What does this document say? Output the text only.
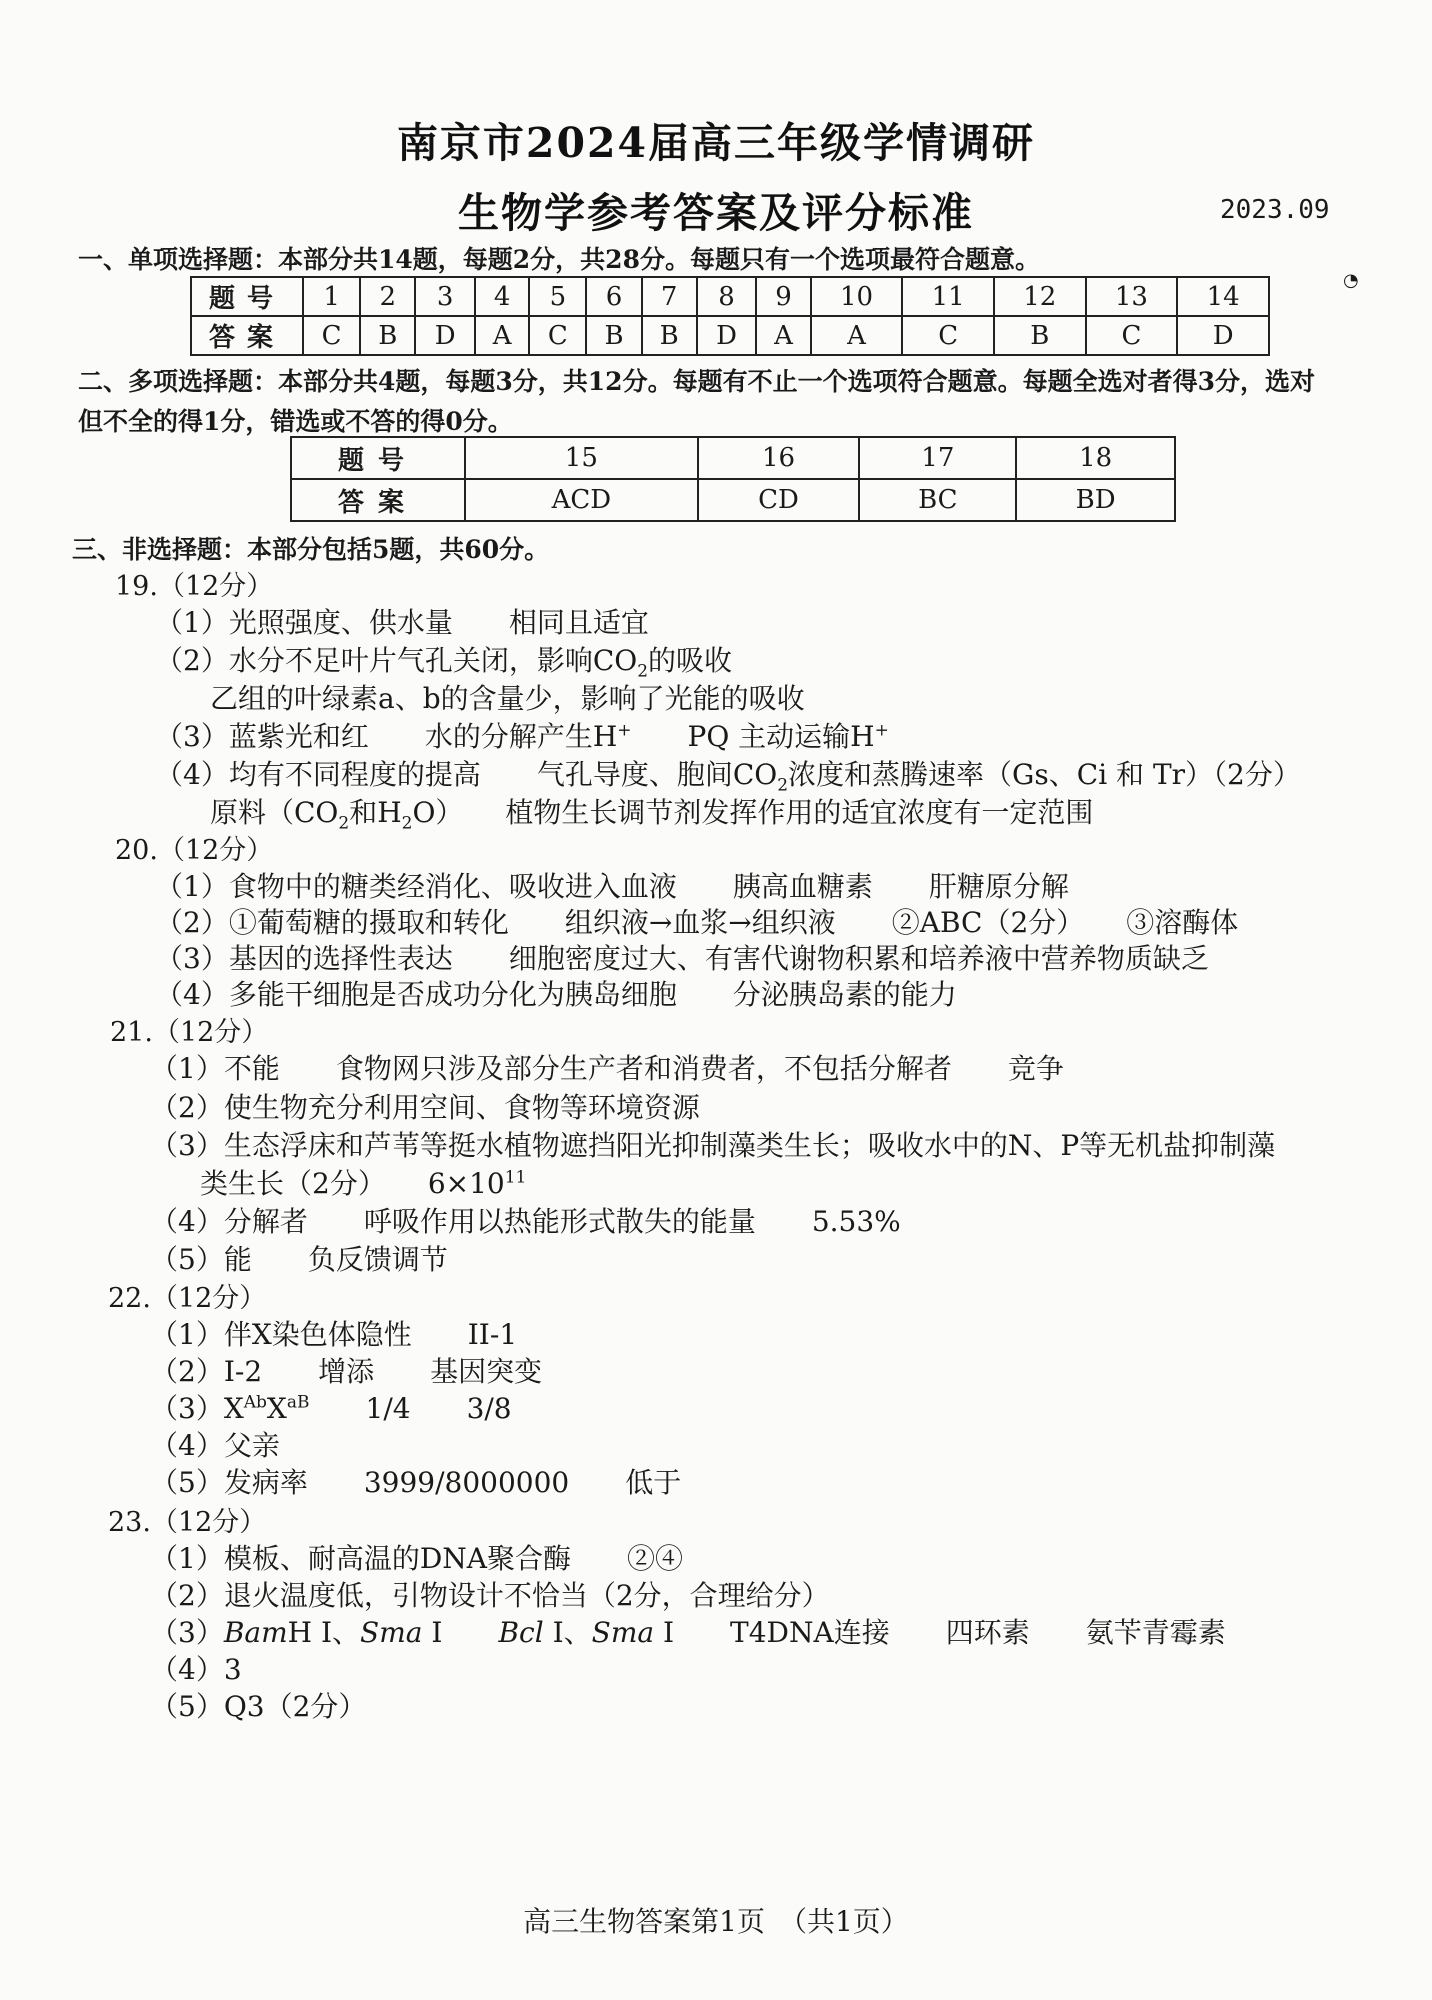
南京市2024届高三年级学情调研
生物学参考答案及评分标准	2023.09
◔
一、单项选择题：本部分共14题，每题2分，共28分。每题只有一个选项最符合题意。
题号	1	2	3	4	5	6	7	8	9	10	11	12	13	14
答案	C	B	D	A	C	B	B	D	A	A	C	B	C	D
二、多项选择题：本部分共4题，每题3分，共12分。每题有不止一个选项符合题意。每题全选对者得3分，选对但不全的得1分，错选或不答的得0分。
题号	15	16	17	18
答案	ACD	CD	BC	BD
三、非选择题：本部分包括5题，共60分。
19.（12分）
（1）光照强度、供水量　　相同且适宜
（2）水分不足叶片气孔关闭，影响$CO_2$的吸收
乙组的叶绿素a、b的含量少，影响了光能的吸收
（3）蓝紫光和红　　水的分解产生H+　　PQ 主动运输H+
（4）均有不同程度的提高　　气孔导度、胞间$CO_2$浓度和蒸腾速率（Gs、Ci 和 Tr）（2分）
原料（$CO_2$和$H_2O$）　　植物生长调节剂发挥作用的适宜浓度有一定范围
20.（12分）
（1）食物中的糖类经消化、吸收进入血液　　胰高血糖素　　肝糖原分解
（2）①葡萄糖的摄取和转化　　组织液→血浆→组织液　　②ABC（2分）　　③溶酶体
（3）基因的选择性表达　　细胞密度过大、有害代谢物积累和培养液中营养物质缺乏
（4）多能干细胞是否成功分化为胰岛细胞　　分泌胰岛素的能力
21.（12分）
（1）不能　　食物网只涉及部分生产者和消费者，不包括分解者　　竞争
（2）使生物充分利用空间、食物等环境资源
（3）生态浮床和芦苇等挺水植物遮挡阳光抑制藻类生长；吸收水中的N、P等无机盐抑制藻
类生长（2分）　　$6\times 10^{11}$
（4）分解者　　呼吸作用以热能形式散失的能量　　5.53%
（5）能　　负反馈调节
22.（12分）
（1）伴X染色体隐性　　II-1
（2）I-2　　增添　　基因突变
$(3)X^{Ab}X^{aB}$　　1/4　　3/8
（4）父亲
（5）发病率　　3999/8000000　　低于
23.（12分）
（1）模板、耐高温的DNA聚合酶　　②④
（2）退火温度低，引物设计不恰当（2分，合理给分）
（3）BamH Ⅰ、Sma Ⅰ　　Bcl Ⅰ、Sma Ⅰ　　T4DNA连接　　四环素　　氨苄青霉素
（4）3
（5）Q3（2分）
高三生物答案第1页　（共1页）
